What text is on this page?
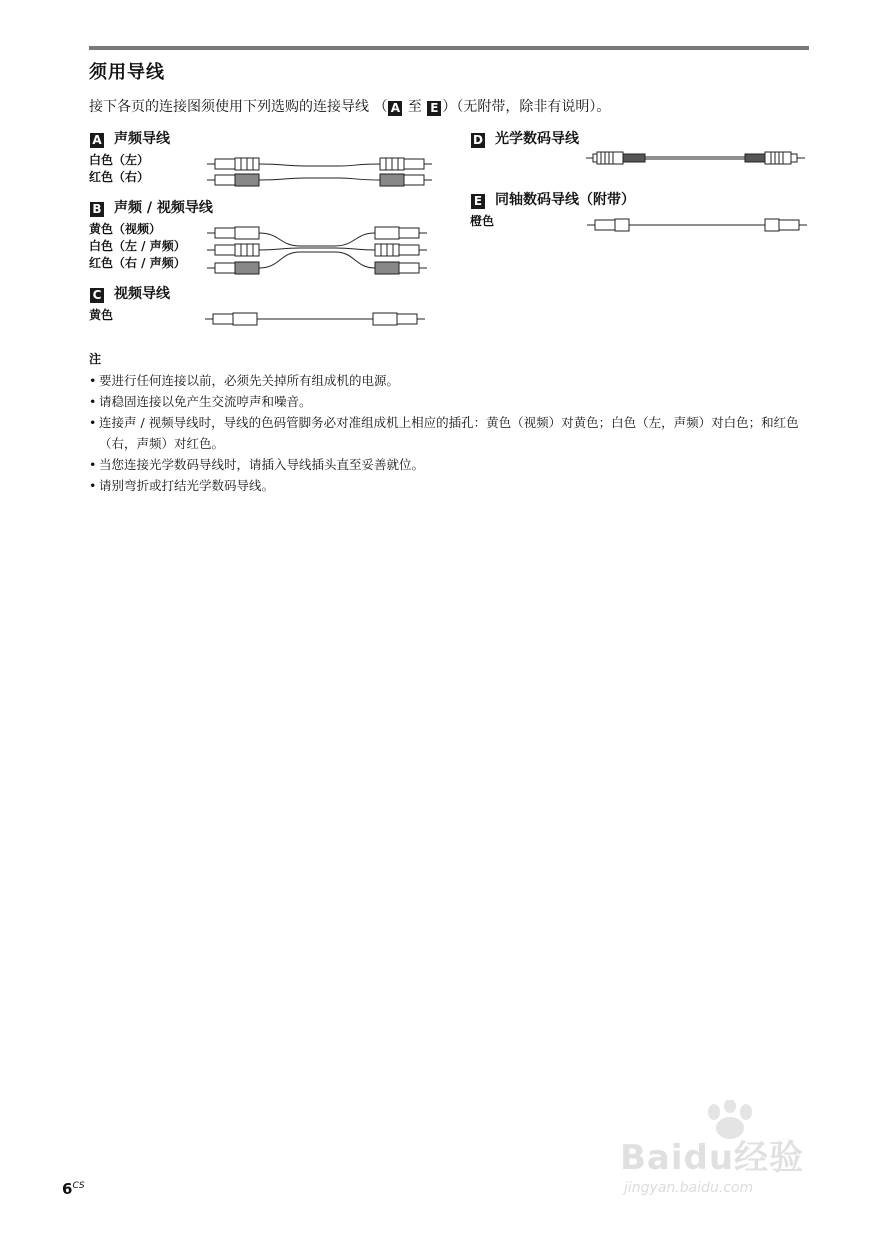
须用导线
接下各页的连接图须使用下列选购的连接导线 （ A 至 E ）（无附带，除非有说明）。
A 声频导线
白色（左）
红色（右）
B 声频 / 视频导线
黄色（视频）
白色（左 / 声频）
红色（右 / 声频）
C 视频导线
黄色
D 光学数码导线
E 同轴数码导线（附带）
橙色
注
• 要进行任何连接以前，必须先关掉所有组成机的电源。
• 请稳固连接以免产生交流哼声和噪音。
• 连接声 / 视频导线时，导线的色码管脚务必对准组成机上相应的插孔：黄色（视频）对黄色；白色（左，声频）对白色；和红色 （右，声频）对红色。
• 当您连接光学数码导线时，请插入导线插头直至妥善就位。
• 请别弯折或打结光学数码导线。
$6^{CS}$
Baidu经验
jingyan.baidu.com
